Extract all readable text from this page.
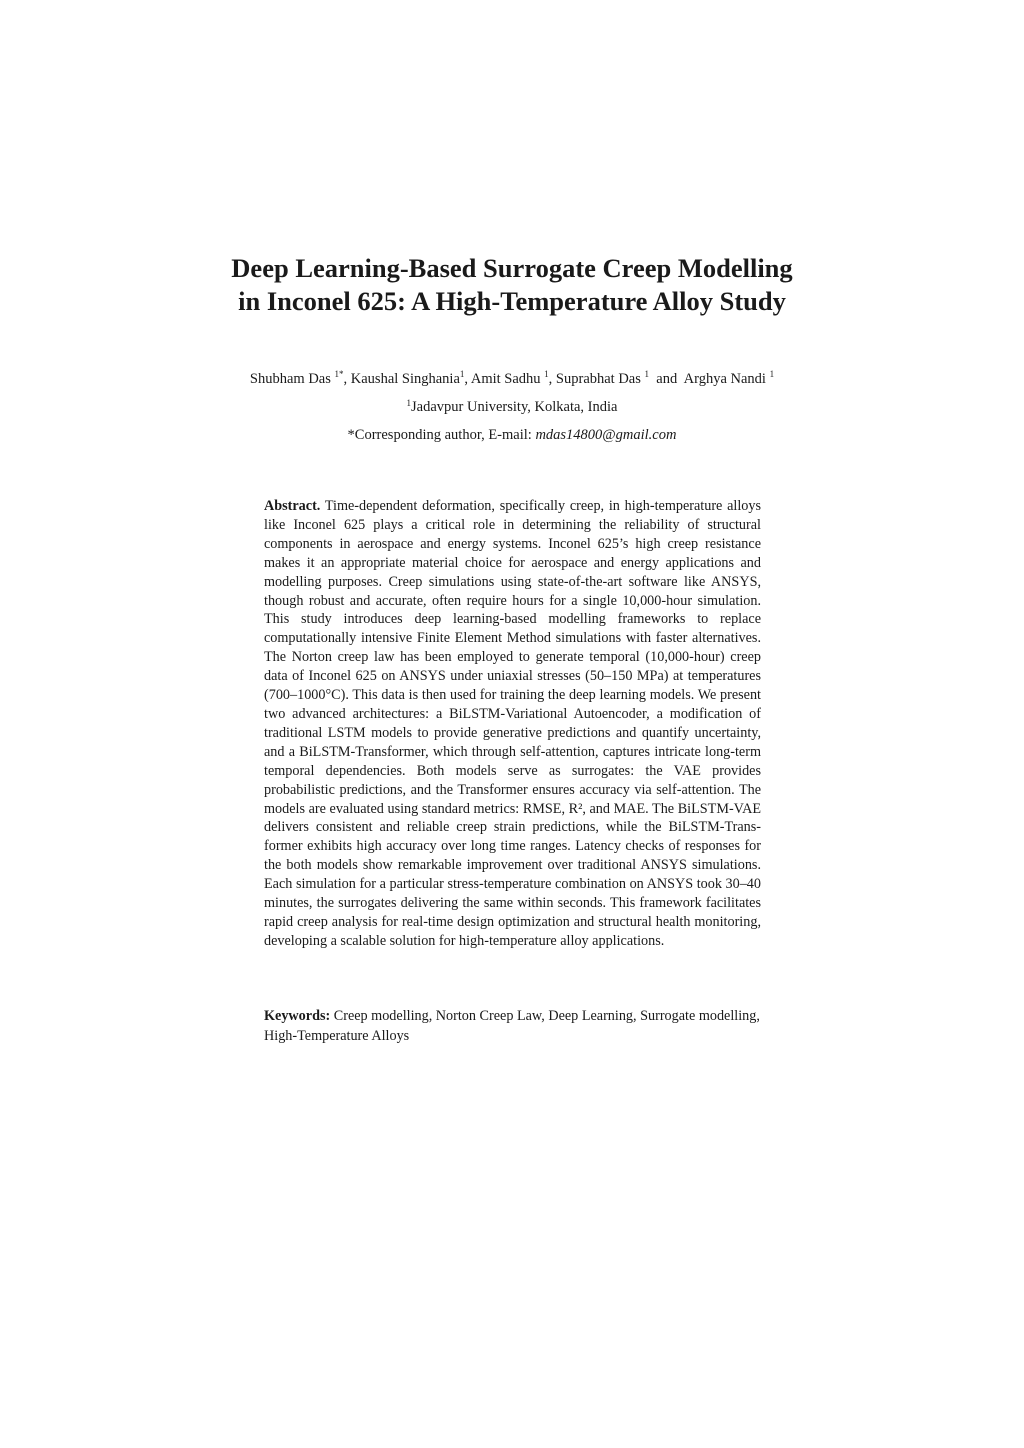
Deep Learning-Based Surrogate Creep Modelling
in Inconel 625: A High-Temperature Alloy Study

Shubham Das $^{1*}$, Kaushal Singhania$^1$, Amit Sadhu $^1$, Suprabhat Das $^1$ and Arghya Nandi $^1$

$^1$Jadavpur University, Kolkata, India

*Corresponding author, E-mail: mdas14800@gmail.com

Abstract. Time-dependent deformation, specifically creep, in high-temperature alloys like Inconel 625 plays a critical role in determining the reliability of structural components in aerospace and energy systems. Inconel 625’s high creep resistance makes it an appropriate material choice for aerospace and energy applications and modelling purposes. Creep simulations using state-of-the-art software like ANSYS, though robust and accurate, often require hours for a single 10,000-hour simulation. This study introduces deep learning-based modelling frameworks to replace computationally intensive Finite Element Method simulations with faster alternatives. The Norton creep law has been employed to generate temporal (10,000-hour) creep data of Inconel 625 on ANSYS under uniaxial stresses (50–150 MPa) at temperatures (700–1000°C). This data is then used for training the deep learning models. We present two advanced architectures: a BiLSTM-Variational Autoencoder, a modification of traditional LSTM models to provide generative predictions and quantify uncertainty, and a BiLSTM-Transformer, which through self-attention, captures intricate long-term temporal dependencies. Both models serve as surrogates: the VAE provides probabilistic predictions, and the Transformer ensures accuracy via self-attention. The models are evaluated using standard metrics: RMSE, R², and MAE. The BiLSTM-VAE delivers consistent and reliable creep strain predictions, while the BiLSTM-Transformer exhibits high accuracy over long time ranges. Latency checks of responses for the both models show remarkable improvement over traditional ANSYS simulations. Each simulation for a particular stress-temperature combination on ANSYS took 30–40 minutes, the surrogates delivering the same within seconds. This framework facilitates rapid creep analysis for real-time design optimization and structural health monitoring, developing a scalable solution for high-temperature alloy applications.

Keywords: Creep modelling, Norton Creep Law, Deep Learning, Surrogate modelling, High-Temperature Alloys
